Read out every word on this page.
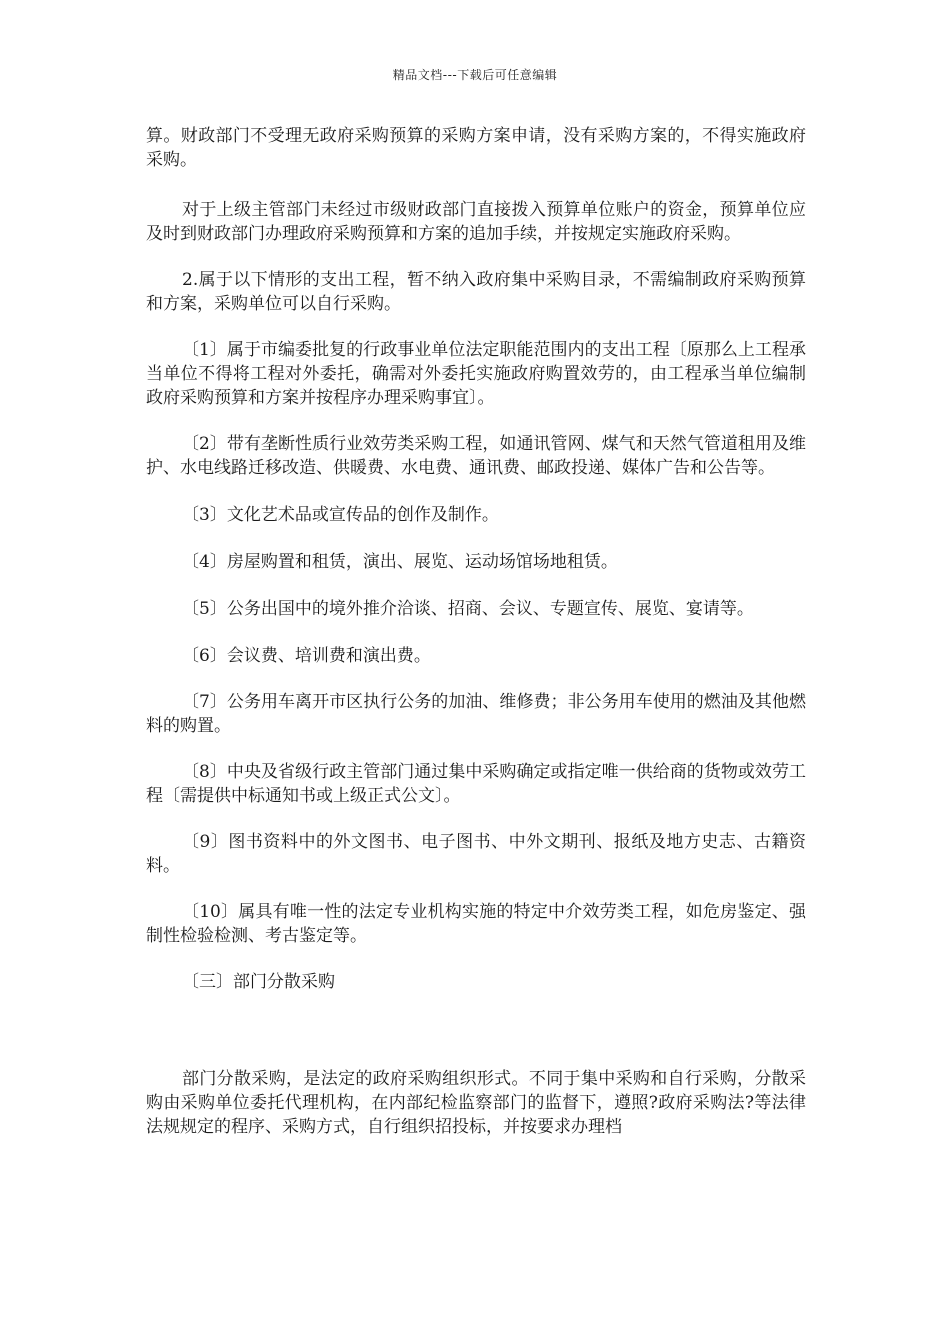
精品文档---下载后可任意编辑

算。财政部门不受理无政府采购预算的采购方案申请，没有采购方案的，不得实施政府采购。

对于上级主管部门未经过市级财政部门直接拨入预算单位账户的资金，预算单位应及时到财政部门办理政府采购预算和方案的追加手续，并按规定实施政府采购。

2.属于以下情形的支出工程，暂不纳入政府集中采购目录，不需编制政府采购预算和方案，采购单位可以自行采购。

〔1〕属于市编委批复的行政事业单位法定职能范围内的支出工程〔原那么上工程承当单位不得将工程对外委托，确需对外委托实施政府购置效劳的，由工程承当单位编制政府采购预算和方案并按程序办理采购事宜〕。

〔2〕带有垄断性质行业效劳类采购工程，如通讯管网、煤气和天然气管道租用及维护、水电线路迁移改造、供暖费、水电费、通讯费、邮政投递、媒体广告和公告等。

〔3〕文化艺术品或宣传品的创作及制作。

〔4〕房屋购置和租赁，演出、展览、运动场馆场地租赁。

〔5〕公务出国中的境外推介洽谈、招商、会议、专题宣传、展览、宴请等。

〔6〕会议费、培训费和演出费。

〔7〕公务用车离开市区执行公务的加油、维修费；非公务用车使用的燃油及其他燃料的购置。

〔8〕中央及省级行政主管部门通过集中采购确定或指定唯一供给商的货物或效劳工程〔需提供中标通知书或上级正式公文〕。

〔9〕图书资料中的外文图书、电子图书、中外文期刊、报纸及地方史志、古籍资料。

〔10〕属具有唯一性的法定专业机构实施的特定中介效劳类工程，如危房鉴定、强制性检验检测、考古鉴定等。

〔三〕部门分散采购

部门分散采购，是法定的政府采购组织形式。不同于集中采购和自行采购，分散采购由采购单位委托代理机构，在内部纪检监察部门的监督下，遵照?政府采购法?等法律法规规定的程序、采购方式，自行组织招投标，并按要求办理档
